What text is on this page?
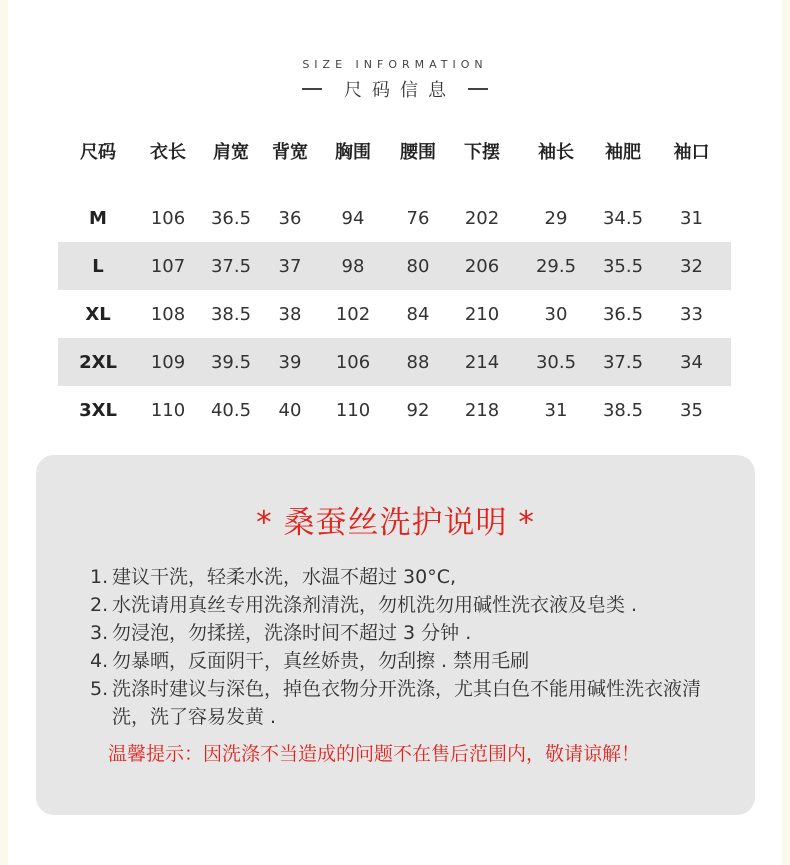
SIZE INFORMATION
尺码信息
尺码	衣长	肩宽	背宽	胸围	腰围	下摆	袖长	袖肥	袖口

M	106	36.5	36	94	76	202	29	34.5	31
L	107	37.5	37	98	80	206	29.5	35.5	32
XL	108	38.5	38	102	84	210	30	36.5	33
2XL	109	39.5	39	106	88	214	30.5	37.5	34
3XL	110	40.5	40	110	92	218	31	38.5	35
* 桑蚕丝洗护说明 *
1. 建议干洗，轻柔水洗，水温不超过 30°C,
2. 水洗请用真丝专用洗涤剂清洗，勿机洗勿用碱性洗衣液及皂类 .
3. 勿浸泡，勿揉搓，洗涤时间不超过 3 分钟 .
4. 勿暴晒，反面阴干，真丝娇贵，勿刮擦 . 禁用毛刷
5. 洗涤时建议与深色，掉色衣物分开洗涤，尤其白色不能用碱性洗衣液清洗，洗了容易发黄 .
温馨提示：因洗涤不当造成的问题不在售后范围内，敬请谅解！
